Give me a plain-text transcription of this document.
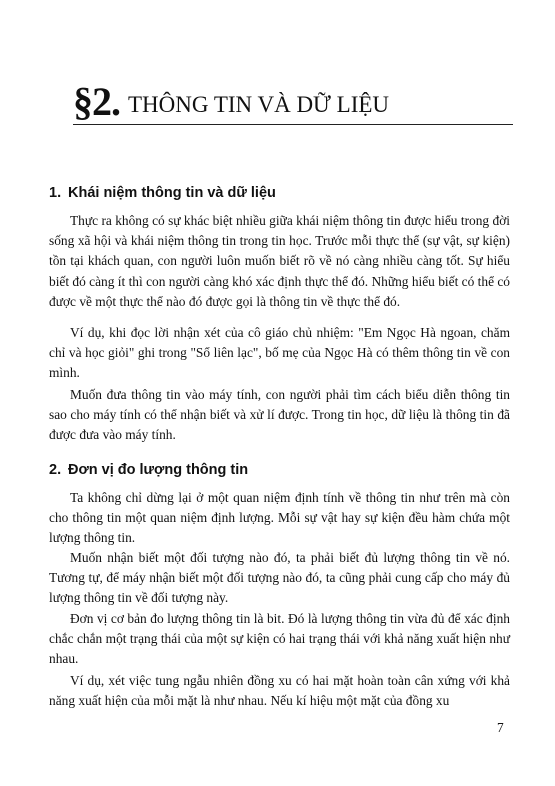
§2. THÔNG TIN VÀ DỮ LIỆU
1. Khái niệm thông tin và dữ liệu

Thực ra không có sự khác biệt nhiều giữa khái niệm thông tin được hiểu trong đời sống xã hội và khái niệm thông tin trong tin học. Trước mỗi thực thể (sự vật, sự kiện) tồn tại khách quan, con người luôn muốn biết rõ về nó càng nhiều càng tốt. Sự hiểu biết đó càng ít thì con người càng khó xác định thực thể đó. Những hiểu biết có thể có được về một thực thể nào đó được gọi là thông tin về thực thể đó.

Ví dụ, khi đọc lời nhận xét của cô giáo chủ nhiệm: "Em Ngọc Hà ngoan, chăm chỉ và học giỏi" ghi trong "Sổ liên lạc", bố mẹ của Ngọc Hà có thêm thông tin về con mình.

Muốn đưa thông tin vào máy tính, con người phải tìm cách biểu diễn thông tin sao cho máy tính có thể nhận biết và xử lí được. Trong tin học, dữ liệu là thông tin đã được đưa vào máy tính.

2. Đơn vị đo lượng thông tin

Ta không chỉ dừng lại ở một quan niệm định tính về thông tin như trên mà còn cho thông tin một quan niệm định lượng. Mỗi sự vật hay sự kiện đều hàm chứa một lượng thông tin.

Muốn nhận biết một đối tượng nào đó, ta phải biết đủ lượng thông tin về nó. Tương tự, để máy nhận biết một đối tượng nào đó, ta cũng phải cung cấp cho máy đủ lượng thông tin về đối tượng này.

Đơn vị cơ bản đo lượng thông tin là bit. Đó là lượng thông tin vừa đủ để xác định chắc chắn một trạng thái của một sự kiện có hai trạng thái với khả năng xuất hiện như nhau.

Ví dụ, xét việc tung ngẫu nhiên đồng xu có hai mặt hoàn toàn cân xứng với khả năng xuất hiện của mỗi mặt là như nhau. Nếu kí hiệu một mặt của đồng xu

7
